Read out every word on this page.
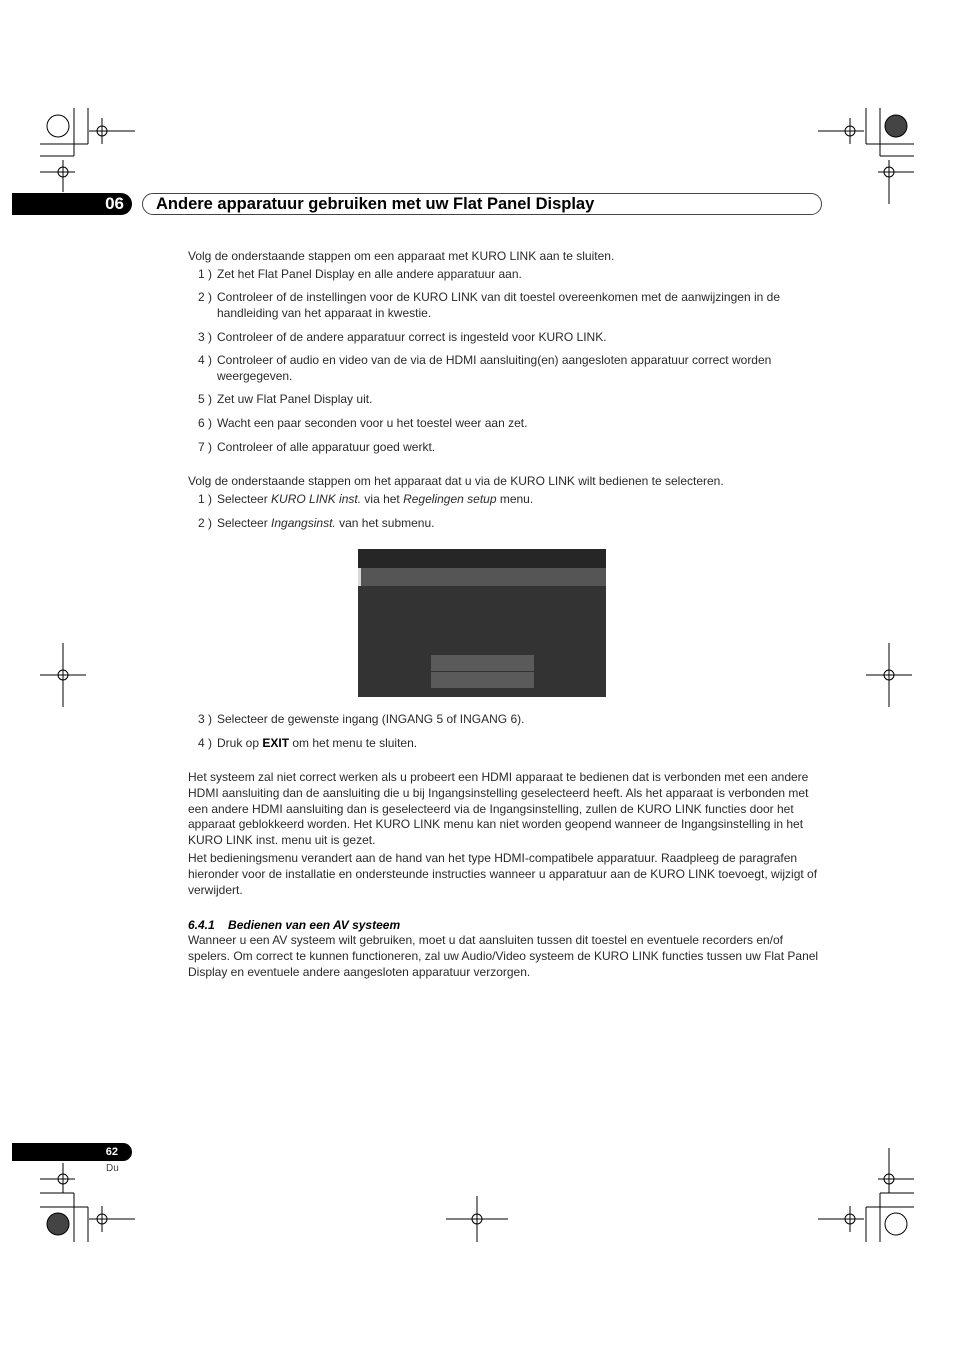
06	Andere apparatuur gebruiken met uw Flat Panel Display

Volg de onderstaande stappen om een apparaat met KURO LINK aan te sluiten.

1 ) Zet het Flat Panel Display en alle andere apparatuur aan.
2 ) Controleer of de instellingen voor de KURO LINK van dit toestel overeenkomen met de aanwijzingen in de handleiding van het apparaat in kwestie.
3 ) Controleer of de andere apparatuur correct is ingesteld voor KURO LINK.
4 ) Controleer of audio en video van de via de HDMI aansluiting(en) aangesloten apparatuur correct worden weergegeven.
5 ) Zet uw Flat Panel Display uit.
6 ) Wacht een paar seconden voor u het toestel weer aan zet.
7 ) Controleer of alle apparatuur goed werkt.

Volg de onderstaande stappen om het apparaat dat u via de KURO LINK wilt bedienen te selecteren.

1 ) Selecteer KURO LINK inst. via het Regelingen setup menu.
2 ) Selecteer Ingangsinst. van het submenu.
3 ) Selecteer de gewenste ingang (INGANG 5 of INGANG 6).
4 ) Druk op EXIT om het menu te sluiten.

Het systeem zal niet correct werken als u probeert een HDMI apparaat te bedienen dat is verbonden met een andere HDMI aansluiting dan de aansluiting die u bij Ingangsinstelling geselecteerd heeft. Als het apparaat is verbonden met een andere HDMI aansluiting dan is geselecteerd via de Ingangsinstelling, zullen de KURO LINK functies door het apparaat geblokkeerd worden. Het KURO LINK menu kan niet worden geopend wanneer de Ingangsinstelling in het KURO LINK inst. menu uit is gezet.

Het bedieningsmenu verandert aan de hand van het type HDMI-compatibele apparatuur. Raadpleeg de paragrafen hieronder voor de installatie en ondersteunde instructies wanneer u apparatuur aan de KURO LINK toevoegt, wijzigt of verwijdert.

6.4.1 Bedienen van een AV systeem

Wanneer u een AV systeem wilt gebruiken, moet u dat aansluiten tussen dit toestel en eventuele recorders en/of spelers. Om correct te kunnen functioneren, zal uw Audio/Video systeem de KURO LINK functies tussen uw Flat Panel Display en eventuele andere aangesloten apparatuur verzorgen.

62
Du
